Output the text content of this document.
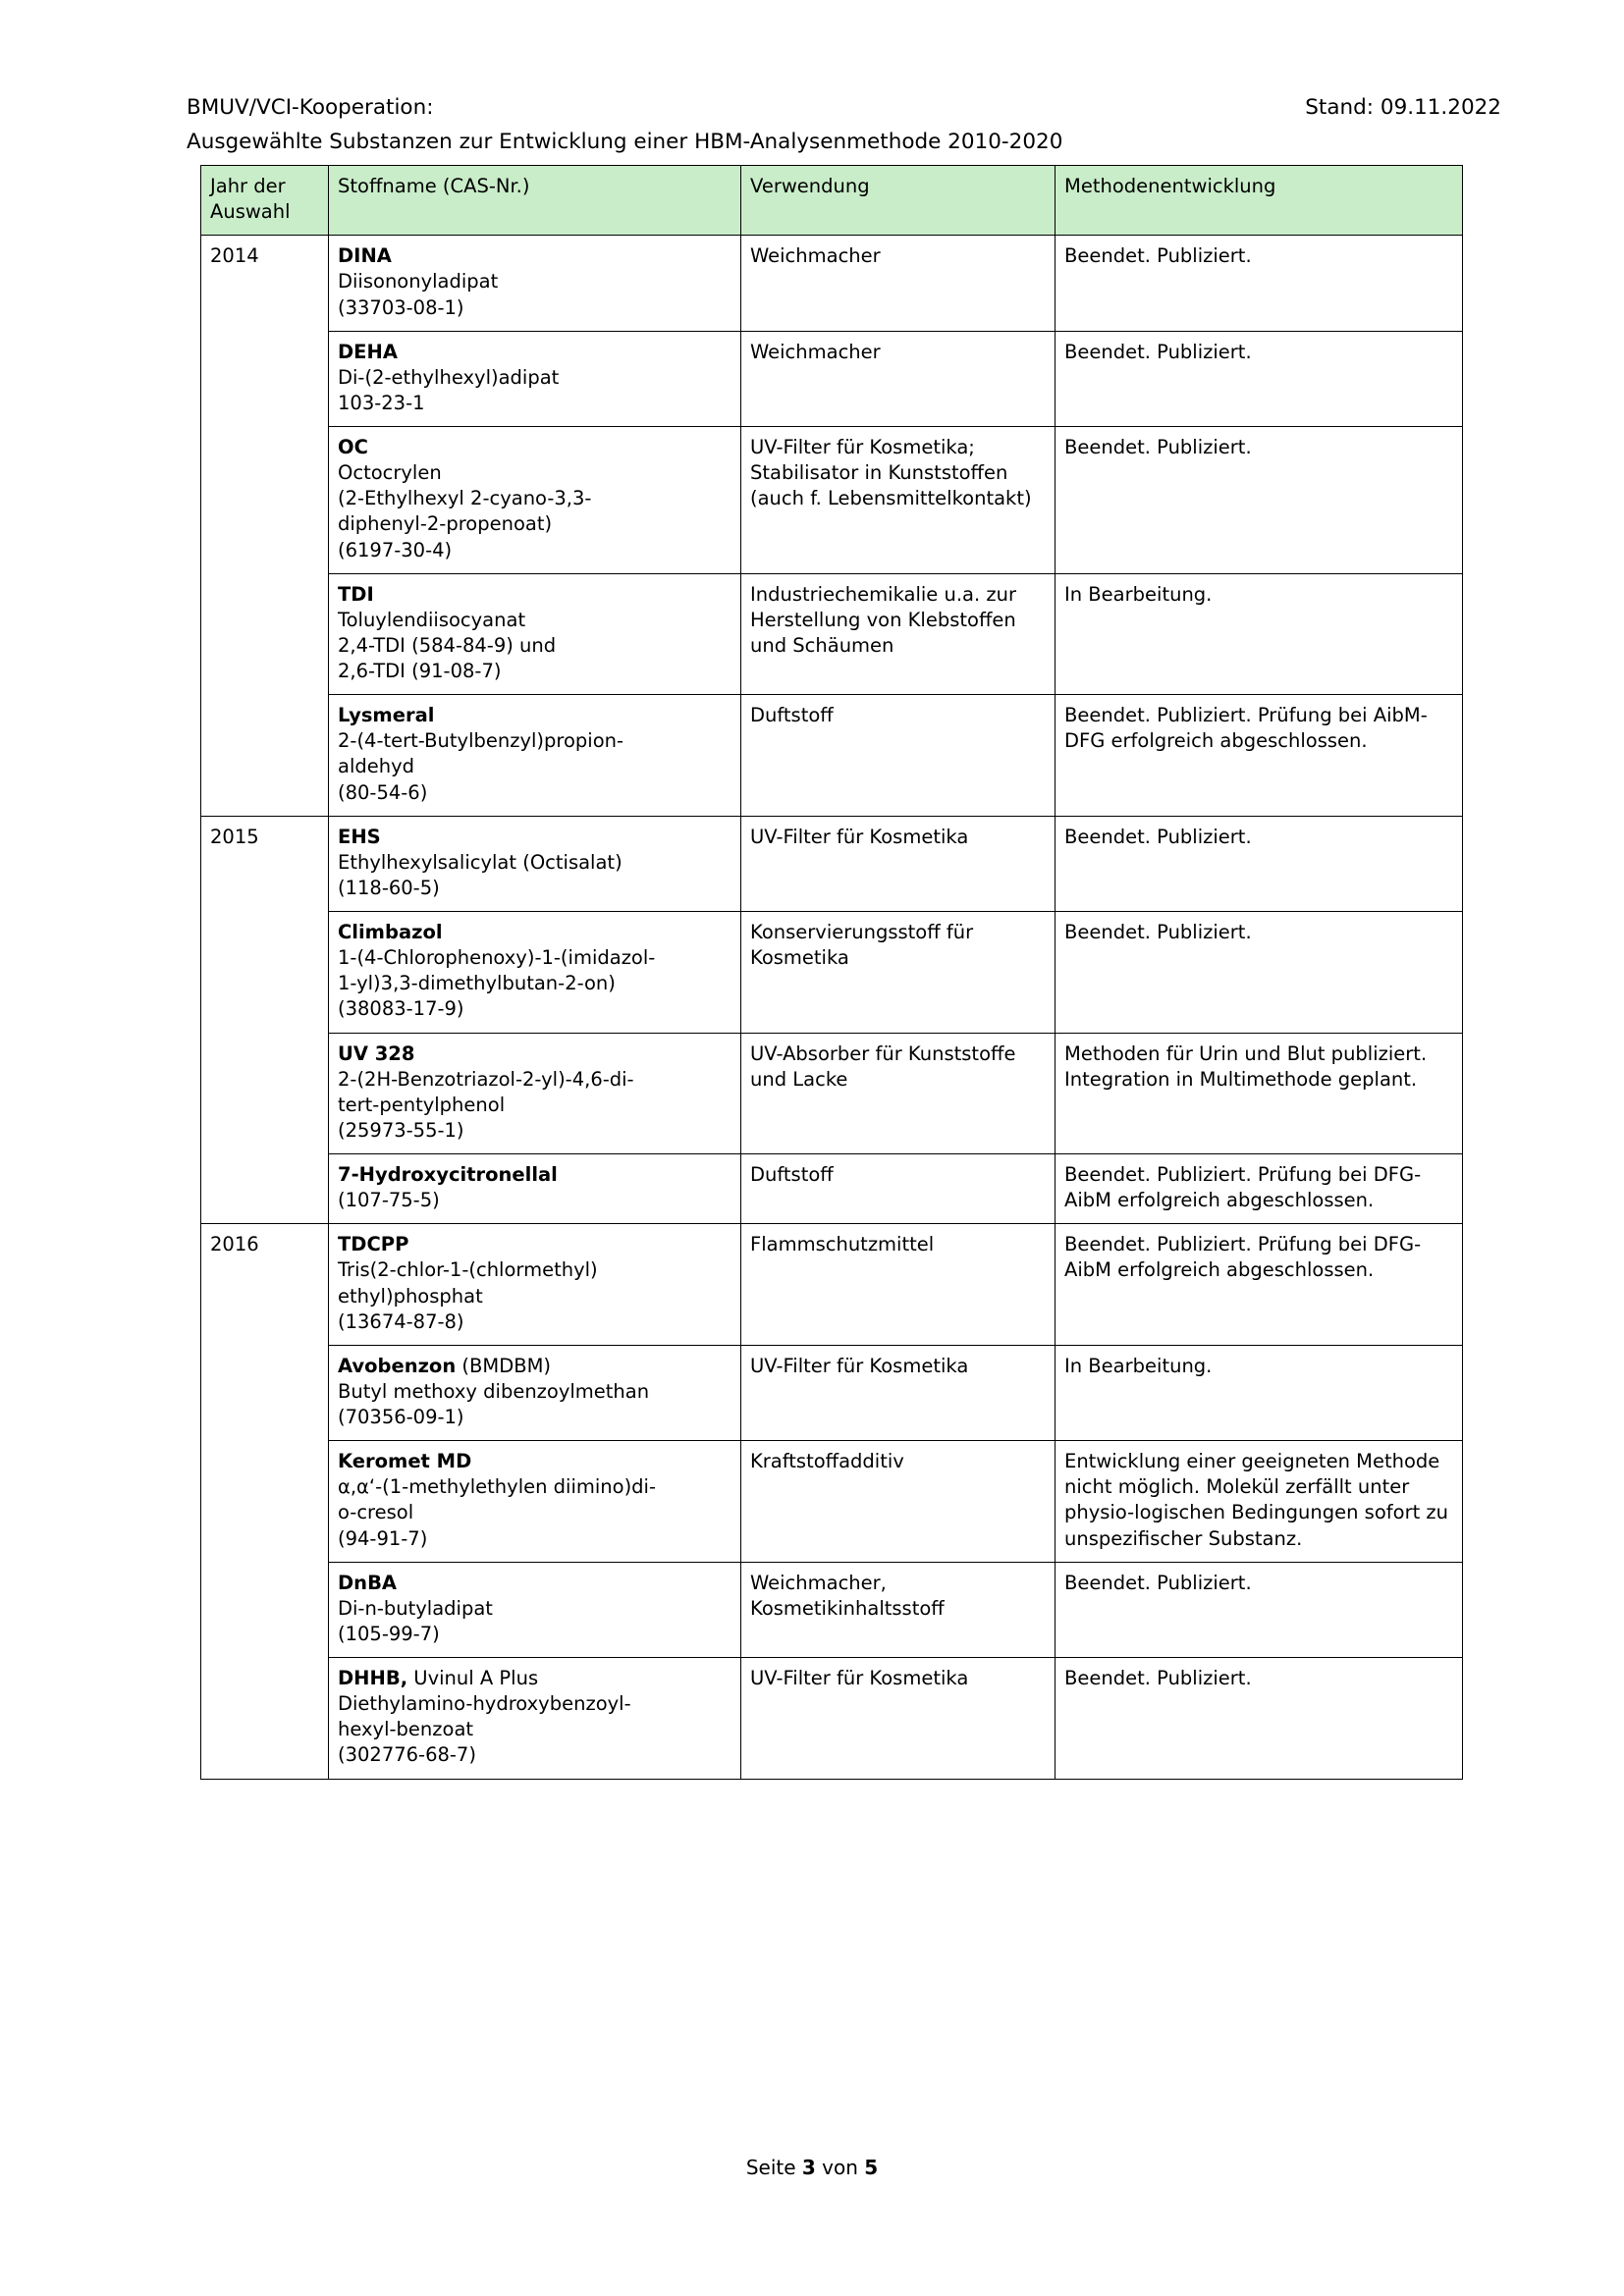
BMUV/VCI-Kooperation:	Stand: 09.11.2022
Ausgewählte Substanzen zur Entwicklung einer HBM-Analysenmethode 2010-2020
Jahr der Auswahl	Stoffname (CAS-Nr.)	Verwendung	Methodenentwicklung
2014	DINA
Diisononyladipat
(33703-08-1)	Weichmacher	Beendet. Publiziert.

	DEHA
Di-(2-ethylhexyl)adipat
103-23-1	Weichmacher	Beendet. Publiziert.

	OC
Octocrylen
(2-Ethylhexyl 2-cyano-3,3-
diphenyl-2-propenoat)
(6197-30-4)	UV-Filter für Kosmetika; Stabilisator in Kunststoffen (auch f. Lebensmittelkontakt)	Beendet. Publiziert.

	TDI
Toluylendiisocyanat
2,4-TDI (584-84-9) und
2,6-TDI (91-08-7)	Industriechemikalie u.a. zur Herstellung von Klebstoffen und Schäumen	In Bearbeitung.

	Lysmeral
2-(4-tert-Butylbenzyl)propion-
aldehyd
(80-54-6)	Duftstoff	Beendet. Publiziert. Prüfung bei AibM-DFG erfolgreich abgeschlossen.
2015	EHS
Ethylhexylsalicylat (Octisalat)
(118-60-5)	UV-Filter für Kosmetika	Beendet. Publiziert.

	Climbazol
1-(4-Chlorophenoxy)-1-(imidazol-
1-yl)3,3-dimethylbutan-2-on)
(38083-17-9)	Konservierungsstoff für Kosmetika	Beendet. Publiziert.

	UV 328
2-(2H-Benzotriazol-2-yl)-4,6-di-
tert-pentylphenol
(25973-55-1)	UV-Absorber für Kunststoffe und Lacke	Methoden für Urin und Blut publiziert. Integration in Multimethode geplant.

	7-Hydroxycitronellal
(107-75-5)	Duftstoff	Beendet. Publiziert. Prüfung bei DFG-AibM erfolgreich abgeschlossen.
2016	TDCPP
Tris(2-chlor-1-(chlormethyl)
ethyl)phosphat
(13674-87-8)	Flammschutzmittel	Beendet. Publiziert. Prüfung bei DFG-AibM erfolgreich abgeschlossen.

	Avobenzon (BMDBM)
Butyl methoxy dibenzoylmethan
(70356-09-1)	UV-Filter für Kosmetika	In Bearbeitung.

	Keromet MD
α,α‘-(1-methylethylen diimino)di-
o-cresol
(94-91-7)	Kraftstoffadditiv	Entwicklung einer geeigneten Methode nicht möglich. Molekül zerfällt unter physio-logischen Bedingungen sofort zu unspezifischer Substanz.

	DnBA
Di-n-butyladipat
(105-99-7)	Weichmacher, Kosmetikinhaltsstoff	Beendet. Publiziert.

	DHHB, Uvinul A Plus
Diethylamino-hydroxybenzoyl-
hexyl-benzoat
(302776-68-7)	UV-Filter für Kosmetika	Beendet. Publiziert.
Seite 3 von 5
